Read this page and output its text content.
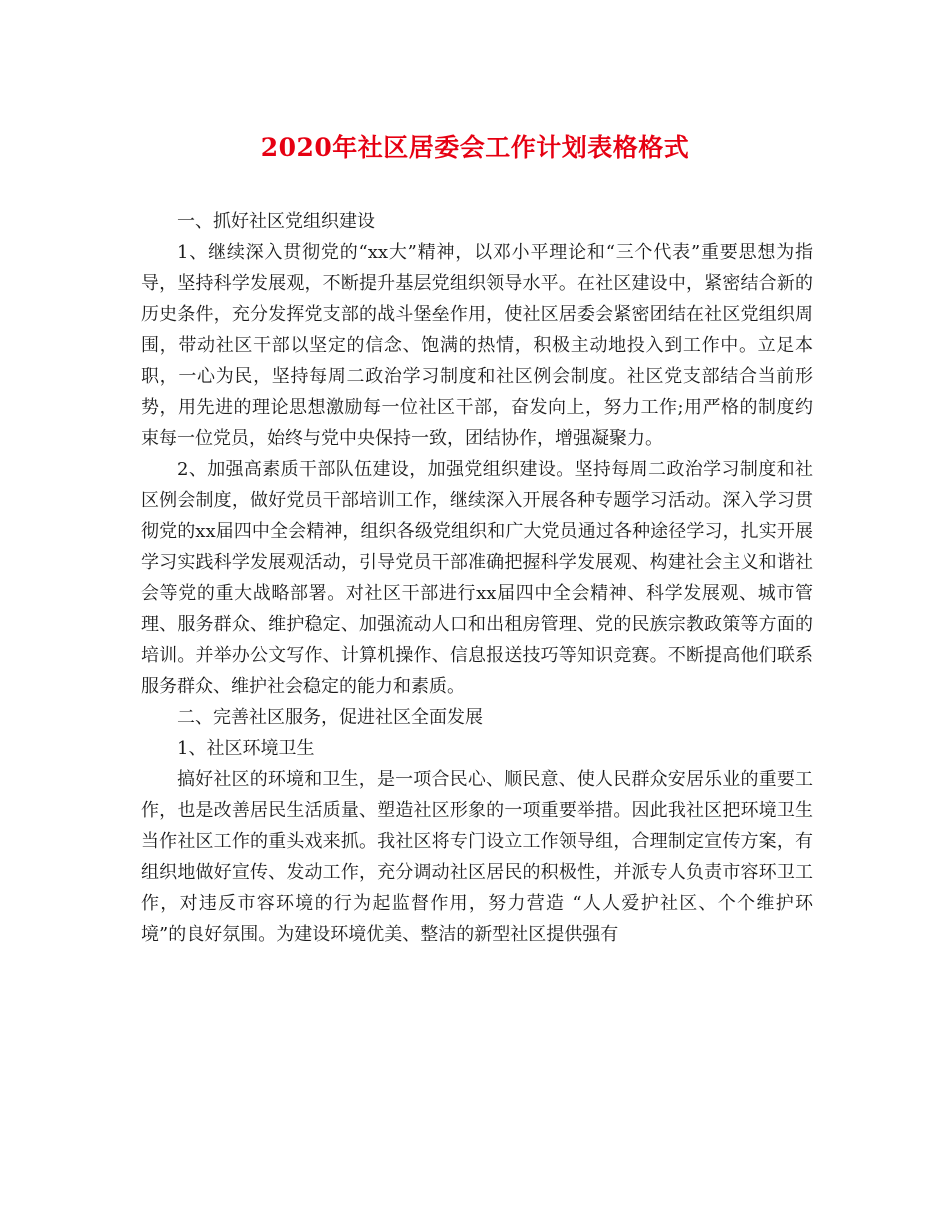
2020年社区居委会工作计划表格格式

一、抓好社区党组织建设

1、继续深入贯彻党的“xx大”精神，以邓小平理论和“三个代表”重要思想为指导，坚持科学发展观，不断提升基层党组织领导水平。在社区建设中，紧密结合新的历史条件，充分发挥党支部的战斗堡垒作用，使社区居委会紧密团结在社区党组织周围，带动社区干部以坚定的信念、饱满的热情，积极主动地投入到工作中。立足本职，一心为民，坚持每周二政治学习制度和社区例会制度。社区党支部结合当前形势，用先进的理论思想激励每一位社区干部，奋发向上，努力工作;用严格的制度约束每一位党员，始终与党中央保持一致，团结协作，增强凝聚力。

2、加强高素质干部队伍建设，加强党组织建设。坚持每周二政治学习制度和社区例会制度，做好党员干部培训工作，继续深入开展各种专题学习活动。深入学习贯彻党的xx届四中全会精神，组织各级党组织和广大党员通过各种途径学习，扎实开展学习实践科学发展观活动，引导党员干部准确把握科学发展观、构建社会主义和谐社会等党的重大战略部署。对社区干部进行xx届四中全会精神、科学发展观、城市管理、服务群众、维护稳定、加强流动人口和出租房管理、党的民族宗教政策等方面的培训。并举办公文写作、计算机操作、信息报送技巧等知识竞赛。不断提高他们联系服务群众、维护社会稳定的能力和素质。

二、完善社区服务，促进社区全面发展

1、社区环境卫生

搞好社区的环境和卫生，是一项合民心、顺民意、使人民群众安居乐业的重要工作，也是改善居民生活质量、塑造社区形象的一项重要举措。因此我社区把环境卫生当作社区工作的重头戏来抓。我社区将专门设立工作领导组，合理制定宣传方案，有组织地做好宣传、发动工作，充分调动社区居民的积极性，并派专人负责市容环卫工作，对违反市容环境的行为起监督作用，努力营造 “人人爱护社区、个个维护环境”的良好氛围。为建设环境优美、整洁的新型社区提供强有
